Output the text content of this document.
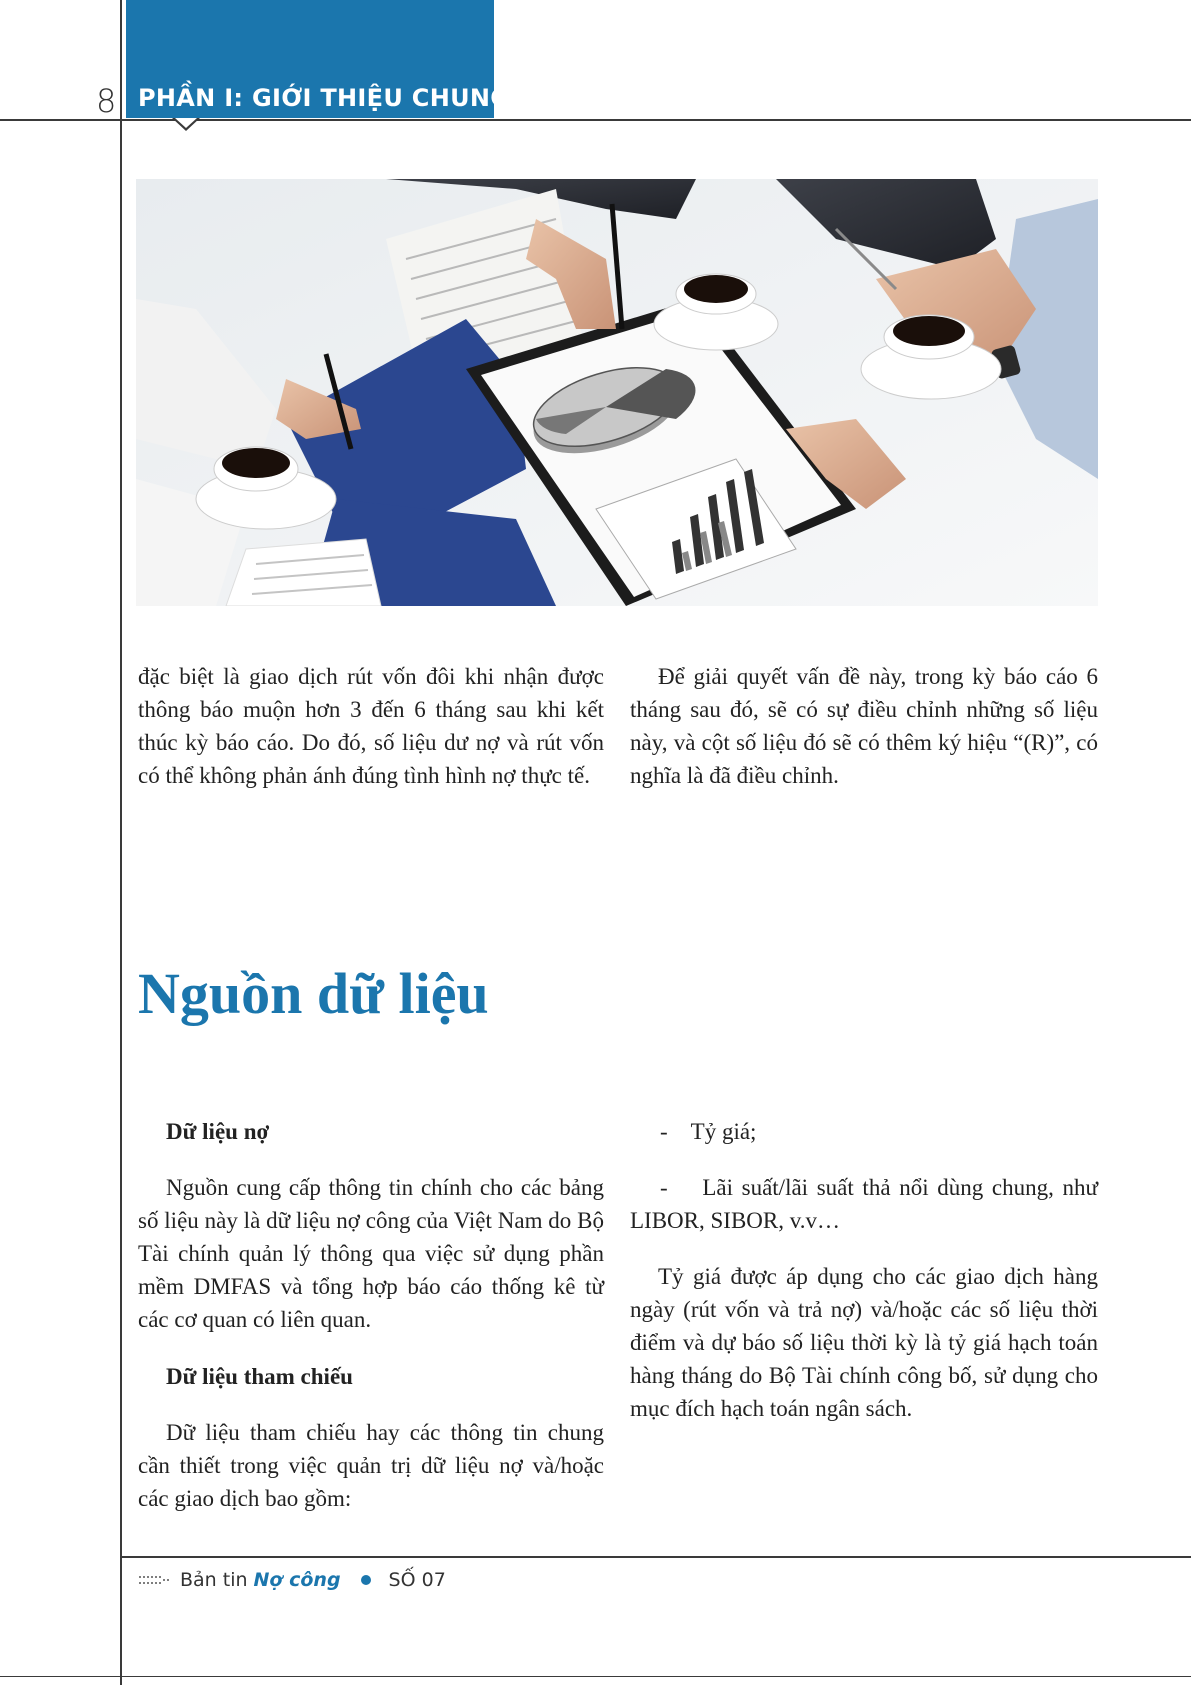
PHẦN I: GIỚI THIỆU CHUNG
8

đặc biệt là giao dịch rút vốn đôi khi nhận được thông báo muộn hơn 3 đến 6 tháng sau khi kết thúc kỳ báo cáo. Do đó, số liệu dư nợ và rút vốn có thể không phản ánh đúng tình hình nợ thực tế.

Để giải quyết vấn đề này, trong kỳ báo cáo 6 tháng sau đó, sẽ có sự điều chỉnh những số liệu này, và cột số liệu đó sẽ có thêm ký hiệu “(R)”, có nghĩa là đã điều chỉnh.

Nguồn dữ liệu

Dữ liệu nợ

Nguồn cung cấp thông tin chính cho các bảng số liệu này là dữ liệu nợ công của Việt Nam do Bộ Tài chính quản lý thông qua việc sử dụng phần mềm DMFAS và tổng hợp báo cáo thống kê từ các cơ quan có liên quan.

Dữ liệu tham chiếu

Dữ liệu tham chiếu hay các thông tin chung cần thiết trong việc quản trị dữ liệu nợ và/hoặc các giao dịch bao gồm:

-    Tỷ giá;

-    Lãi suất/lãi suất thả nổi dùng chung, như LIBOR, SIBOR, v.v…

Tỷ giá được áp dụng cho các giao dịch hàng ngày (rút vốn và trả nợ) và/hoặc các số liệu thời điểm và dự báo số liệu thời kỳ là tỷ giá hạch toán hàng tháng do Bộ Tài chính công bố, sử dụng cho mục đích hạch toán ngân sách.

Bản tin Nợ công	SỐ 07
